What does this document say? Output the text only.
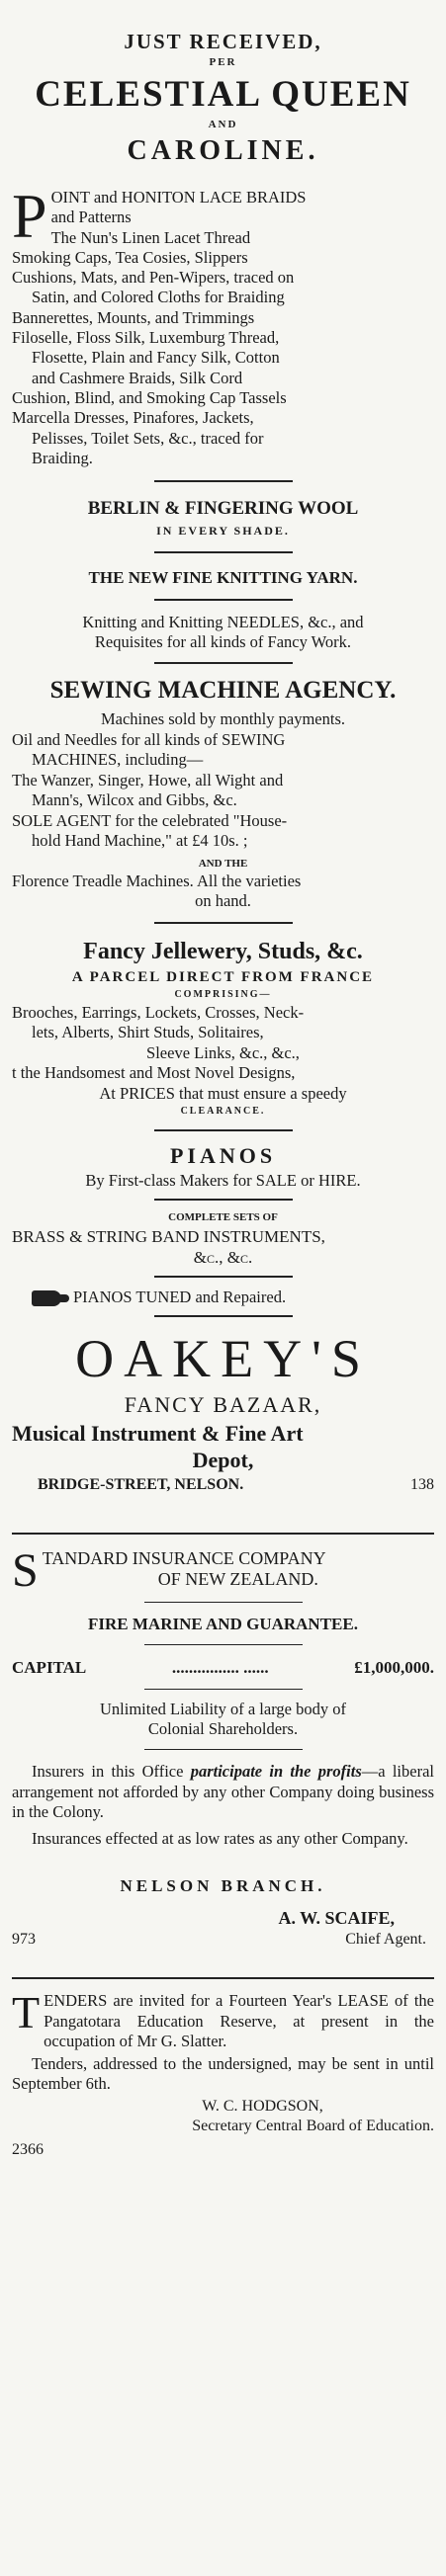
JUST RECEIVED,
PER
CELESTIAL QUEEN
AND
CAROLINE.
P OINT and HONITON LACE BRAIDS
and Patterns
The Nun's Linen Lacet Thread
Smoking Caps, Tea Cosies, Slippers
Cushions, Mats, and Pen-Wipers, traced on
Satin, and Colored Cloths for Braiding
Bannerettes, Mounts, and Trimmings
Filoselle, Floss Silk, Luxemburg Thread,
Flosette, Plain and Fancy Silk, Cotton
and Cashmere Braids, Silk Cord
Cushion, Blind, and Smoking Cap Tassels
Marcella Dresses, Pinafores, Jackets,
Pelisses, Toilet Sets, &c., traced for
Braiding.
BERLIN & FINGERING WOOL
IN EVERY SHADE.
THE NEW FINE KNITTING YARN.
Knitting and Knitting NEEDLES, &c., and
Requisites for all kinds of Fancy Work.
SEWING MACHINE AGENCY.
Machines sold by monthly payments.
Oil and Needles for all kinds of SEWING
MACHINES, including—
The Wanzer, Singer, Howe, all Wight and
Mann's, Wilcox and Gibbs, &c.
SOLE AGENT for the celebrated "House-
hold Hand Machine," at £4 10s. ;
AND THE
Florence Treadle Machines. All the varieties
on hand.
Fancy Jellewery, Studs, &c.
A PARCEL DIRECT FROM FRANCE
COMPRISING—
Brooches, Earrings, Lockets, Crosses, Neck-
lets, Alberts, Shirt Studs, Solitaires,
Sleeve Links, &c., &c.,
t the Handsomest and Most Novel Designs,
At PRICES that must ensure a speedy
CLEARANCE.
PIANOS
By First-class Makers for SALE or HIRE.
COMPLETE SETS OF
BRASS & STRING BAND INSTRUMENTS,
&c., &c.
PIANOS TUNED and Repaired.
OAKEY'S
FANCY BAZAAR,
Musical Instrument & Fine Art
Depot,
BRIDGE-STREET, NELSON.	138
S TANDARD INSURANCE COMPANY
OF NEW ZEALAND.
FIRE MARINE AND GUARANTEE.
CAPITAL	................ ......	£1,000,000.
Unlimited Liability of a large body of
Colonial Shareholders.

Insurers in this Office participate in the profits—a liberal arrangement not afforded by any other Company doing business in the Colony.

Insurances effected at as low rates as any other Company.

NELSON BRANCH.
A. W. SCAIFE,
973	Chief Agent.

TENDERS are invited for a Fourteen Year's LEASE of the Pangatotara Education Reserve, at present in the occupation of Mr G. Slatter.

Tenders, addressed to the undersigned, may be sent in until September 6th.

W. C. HODGSON,
Secretary Central Board of Education.
2366
